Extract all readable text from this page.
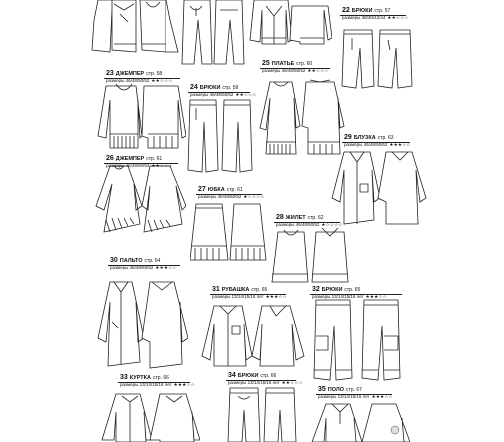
22 БРЮКИ стр. 57
размеры 38/40/42/44 ★★☆☆☆
23 ДЖЕМПЕР стр. 58
размеры 46/48/50/52 ★★☆☆☆
24 БРЮКИ стр. 59
размеры 46/48/50/52 ★★☆☆☆
25 ПЛАТЬЕ стр. 60
размеры 46/48/50/52 ★★☆☆☆
26 ДЖЕМПЕР стр. 61
размеры 46/48/50/52 ★★☆☆☆
27 ЮБКА стр. 61
размеры 46/48/50/52 ★☆☆☆☆
28 ЖИЛЕТ стр. 62
размеры 46/48/50/52 ★☆☆☆☆
29 БЛУЗКА стр. 63
размеры 46/48/50/52 ★★★☆☆
30 ПАЛЬТО стр. 64
размеры 46/48/50/52 ★★★☆☆
31 РУБАШКА стр. 65
размеры 13/14/15/16 лет ★★★☆☆
32 БРЮКИ стр. 65
размеры 13/14/15/16 лет ★★★☆☆
33 КУРТКА стр. 66
размеры 13/14/15/16 лет ★★★☆☆
34 БРЮКИ стр. 66
размеры 13/14/15/16 лет ★★☆☆☆
35 ПОЛО стр. 67
размеры 13/14/15/16 лет ★★★☆☆
